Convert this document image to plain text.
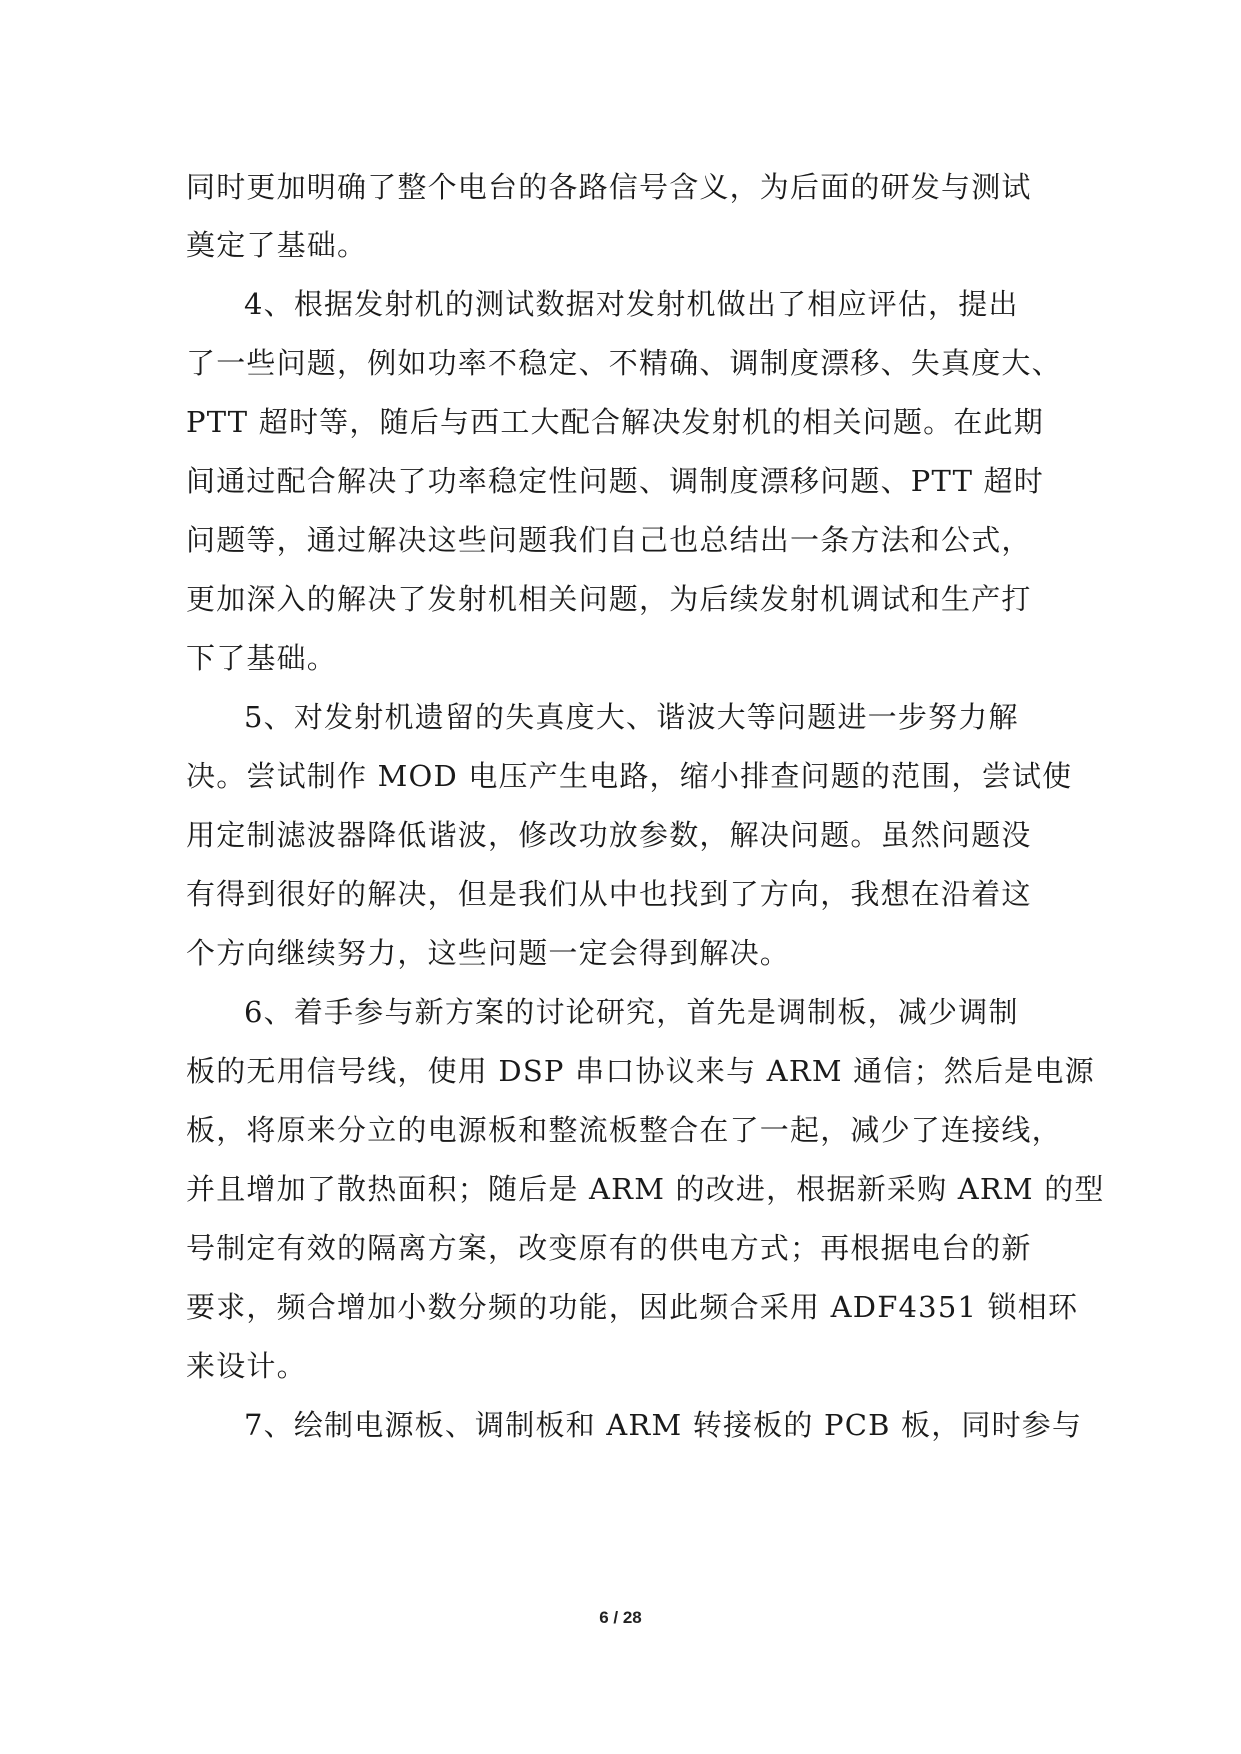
同时更加明确了整个电台的各路信号含义，为后面的研发与测试
奠定了基础。
4、根据发射机的测试数据对发射机做出了相应评估，提出
了一些问题，例如功率不稳定、不精确、调制度漂移、失真度大、
PTT 超时等，随后与西工大配合解决发射机的相关问题。在此期
间通过配合解决了功率稳定性问题、调制度漂移问题、PTT 超时
问题等，通过解决这些问题我们自己也总结出一条方法和公式，
更加深入的解决了发射机相关问题，为后续发射机调试和生产打
下了基础。
5、对发射机遗留的失真度大、谐波大等问题进一步努力解
决。尝试制作 MOD 电压产生电路，缩小排查问题的范围，尝试使
用定制滤波器降低谐波，修改功放参数，解决问题。虽然问题没
有得到很好的解决，但是我们从中也找到了方向，我想在沿着这
个方向继续努力，这些问题一定会得到解决。
6、着手参与新方案的讨论研究，首先是调制板，减少调制
板的无用信号线，使用 DSP 串口协议来与 ARM 通信；然后是电源
板，将原来分立的电源板和整流板整合在了一起，减少了连接线，
并且增加了散热面积；随后是 ARM 的改进，根据新采购 ARM 的型
号制定有效的隔离方案，改变原有的供电方式；再根据电台的新
要求，频合增加小数分频的功能，因此频合采用 ADF4351 锁相环
来设计。
7、绘制电源板、调制板和 ARM 转接板的 PCB 板，同时参与
6 / 28
